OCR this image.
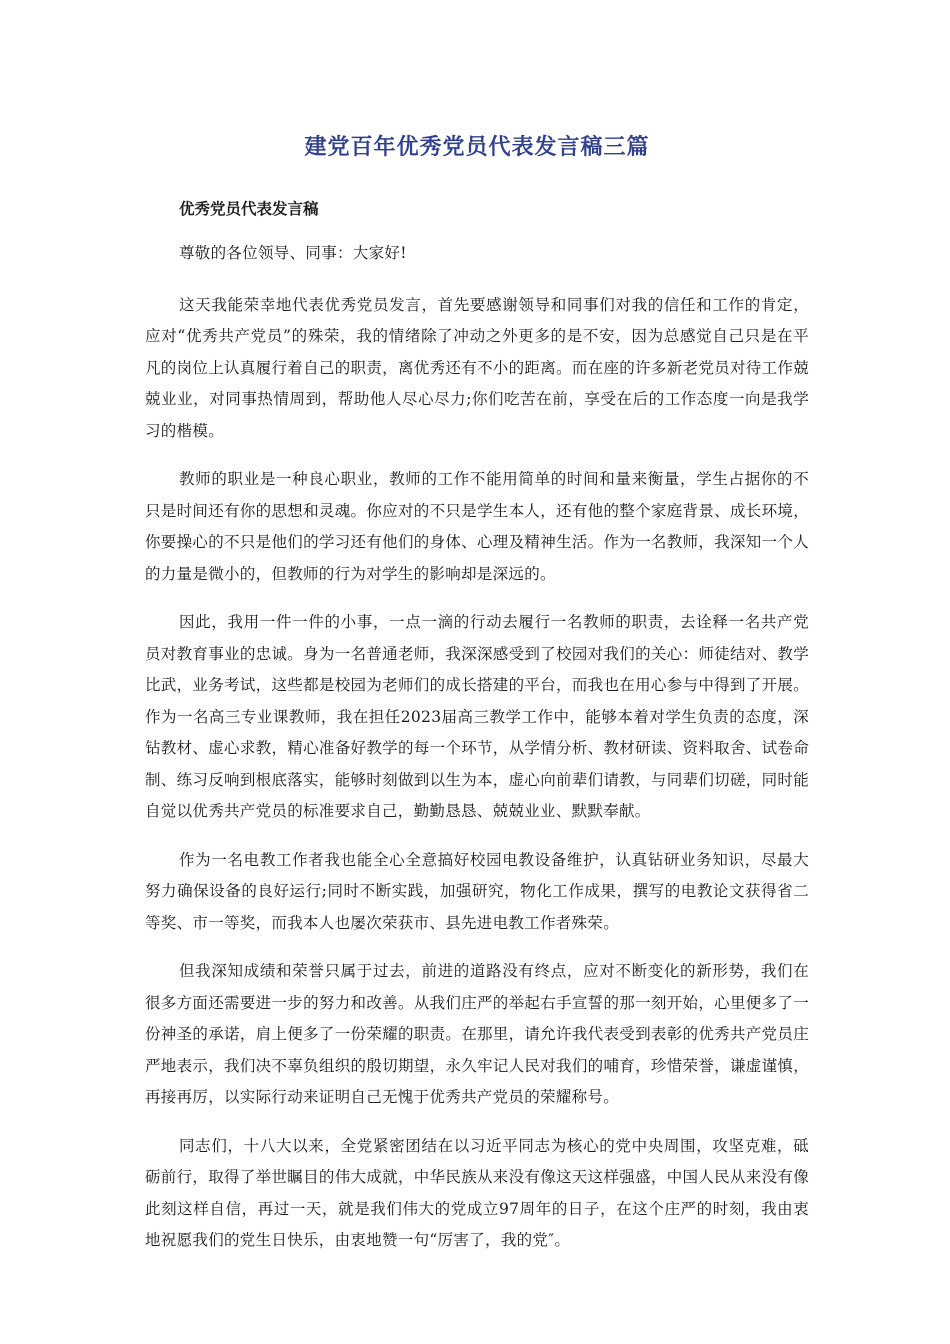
建党百年优秀党员代表发言稿三篇
优秀党员代表发言稿

尊敬的各位领导、同事：大家好!

这天我能荣幸地代表优秀党员发言，首先要感谢领导和同事们对我的信任和工作的肯定，应对“优秀共产党员”的殊荣，我的情绪除了冲动之外更多的是不安，因为总感觉自己只是在平凡的岗位上认真履行着自己的职责，离优秀还有不小的距离。而在座的许多新老党员对待工作兢兢业业，对同事热情周到，帮助他人尽心尽力;你们吃苦在前，享受在后的工作态度一向是我学习的楷模。

教师的职业是一种良心职业，教师的工作不能用简单的时间和量来衡量，学生占据你的不只是时间还有你的思想和灵魂。你应对的不只是学生本人，还有他的整个家庭背景、成长环境，你要操心的不只是他们的学习还有他们的身体、心理及精神生活。作为一名教师，我深知一个人的力量是微小的，但教师的行为对学生的影响却是深远的。

因此，我用一件一件的小事，一点一滴的行动去履行一名教师的职责，去诠释一名共产党员对教育事业的忠诚。身为一名普通老师，我深深感受到了校园对我们的关心：师徒结对、教学比武，业务考试，这些都是校园为老师们的成长搭建的平台，而我也在用心参与中得到了开展。作为一名高三专业课教师，我在担任2023届高三教学工作中，能够本着对学生负责的态度，深钻教材、虚心求教，精心准备好教学的每一个环节，从学情分析、教材研读、资料取舍、试卷命制、练习反响到根底落实，能够时刻做到以生为本，虚心向前辈们请教，与同辈们切磋，同时能自觉以优秀共产党员的标准要求自己，勤勤恳恳、兢兢业业、默默奉献。

作为一名电教工作者我也能全心全意搞好校园电教设备维护，认真钻研业务知识，尽最大努力确保设备的良好运行;同时不断实践，加强研究，物化工作成果，撰写的电教论文获得省二等奖、市一等奖，而我本人也屡次荣获市、县先进电教工作者殊荣。

但我深知成绩和荣誉只属于过去，前进的道路没有终点，应对不断变化的新形势，我们在很多方面还需要进一步的努力和改善。从我们庄严的举起右手宣誓的那一刻开始，心里便多了一份神圣的承诺，肩上便多了一份荣耀的职责。在那里，请允许我代表受到表彰的优秀共产党员庄严地表示，我们决不辜负组织的殷切期望，永久牢记人民对我们的哺育，珍惜荣誉，谦虚谨慎，再接再厉，以实际行动来证明自己无愧于优秀共产党员的荣耀称号。

同志们，十八大以来，全党紧密团结在以习近平同志为核心的党中央周围，攻坚克难，砥砺前行，取得了举世瞩目的伟大成就，中华民族从来没有像这天这样强盛，中国人民从来没有像此刻这样自信，再过一天，就是我们伟大的党成立97周年的日子，在这个庄严的时刻，我由衷地祝愿我们的党生日快乐，由衷地赞一句“厉害了，我的党″。
